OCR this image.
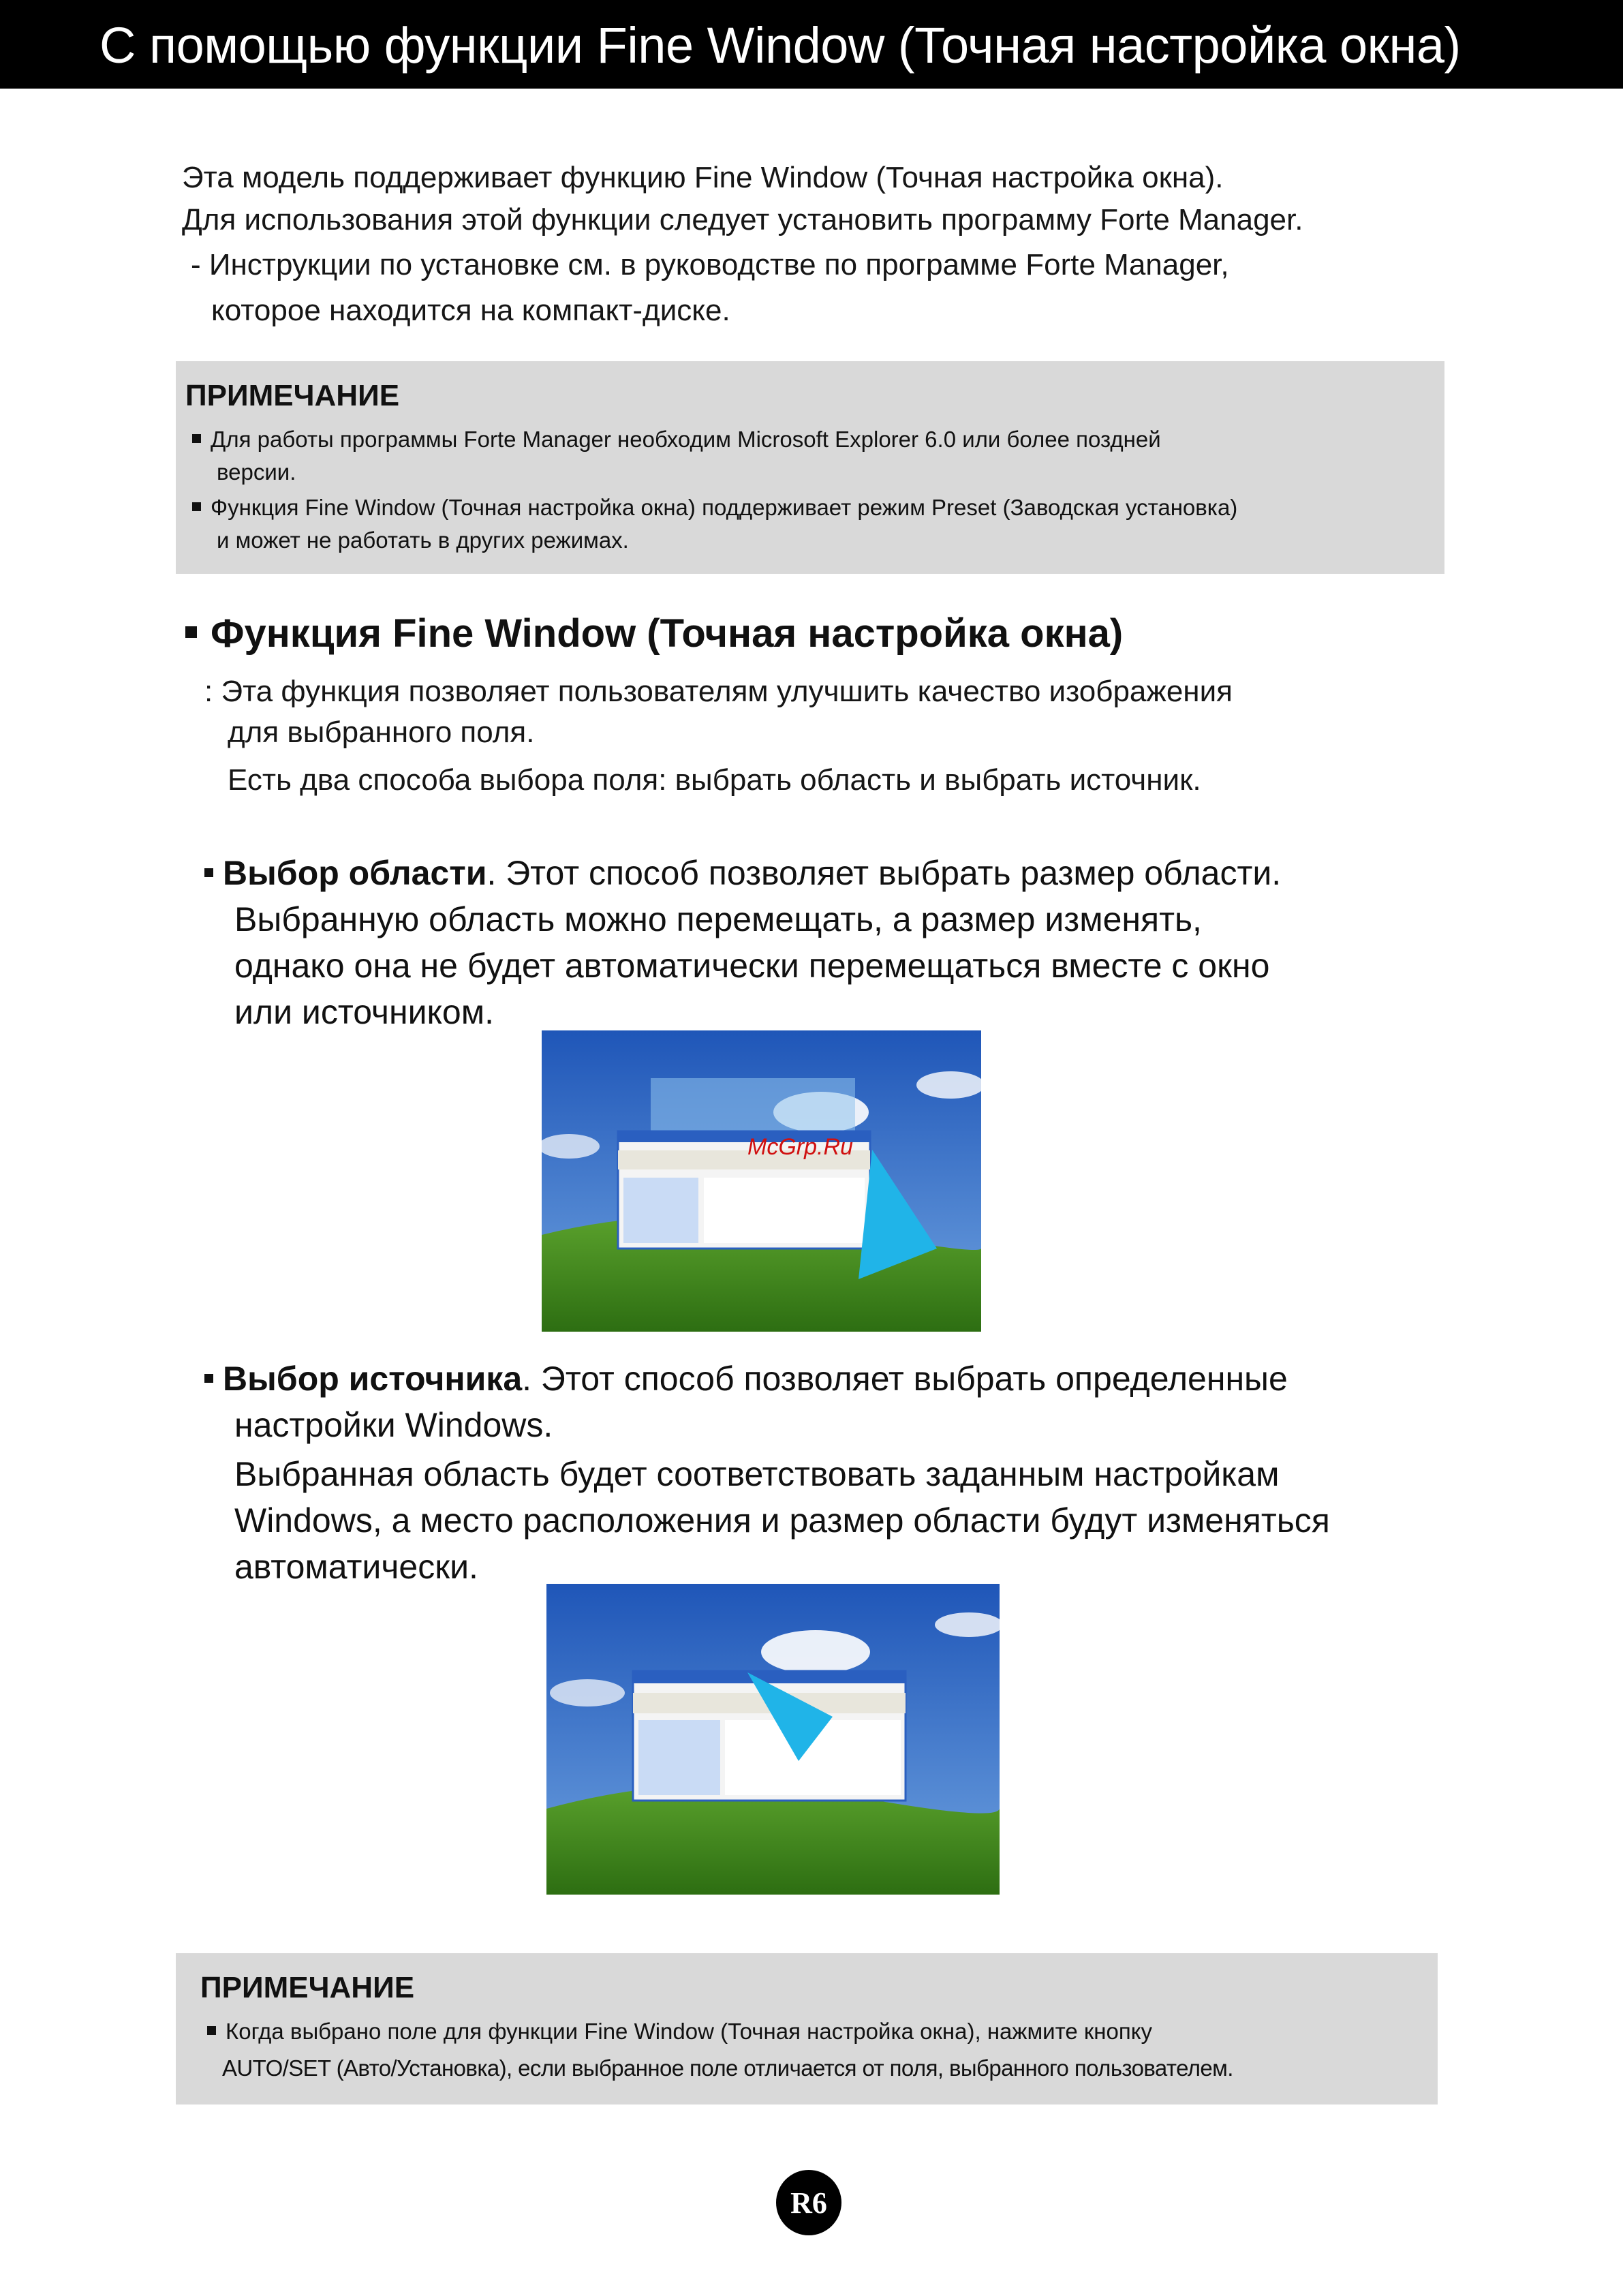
С помощью функции Fine Window (Точная настройка окна)
Эта модель поддерживает функцию Fine Window (Точная настройка окна).
Для использования этой функции следует установить программу Forte Manager.
- Инструкции по установке см. в руководстве по программе Forte Manager,
которое находится на компакт-диске.
ПРИМЕЧАНИЕ
Для работы программы Forte Manager необходим Microsoft Explorer 6.0 или более поздней
версии.
Функция Fine Window (Точная настройка окна) поддерживает режим Preset (Заводская установка)
и может не работать в других режимах.
Функция Fine Window (Точная настройка окна)
: Эта функция позволяет пользователям улучшить качество изображения
для выбранного поля.
Есть два способа выбора поля: выбрать область и выбрать источник.
Выбор области. Этот способ позволяет выбрать размер области.
Выбранную область можно перемещать, а размер изменять,
однако она не будет автоматически перемещаться вместе с окно
или источником.
McGrp.Ru
Выбор источника. Этот способ позволяет выбрать определенные
настройки Windows.
Выбранная область будет соответствовать заданным настройкам
Windows, а место расположения и размер области будут изменяться
автоматически.
ПРИМЕЧАНИЕ
Когда выбрано поле для функции Fine Window (Точная настройка окна), нажмите кнопку
AUTO/SET (Авто/Установка), если выбранное поле отличается от поля, выбранного пользователем.
R6
